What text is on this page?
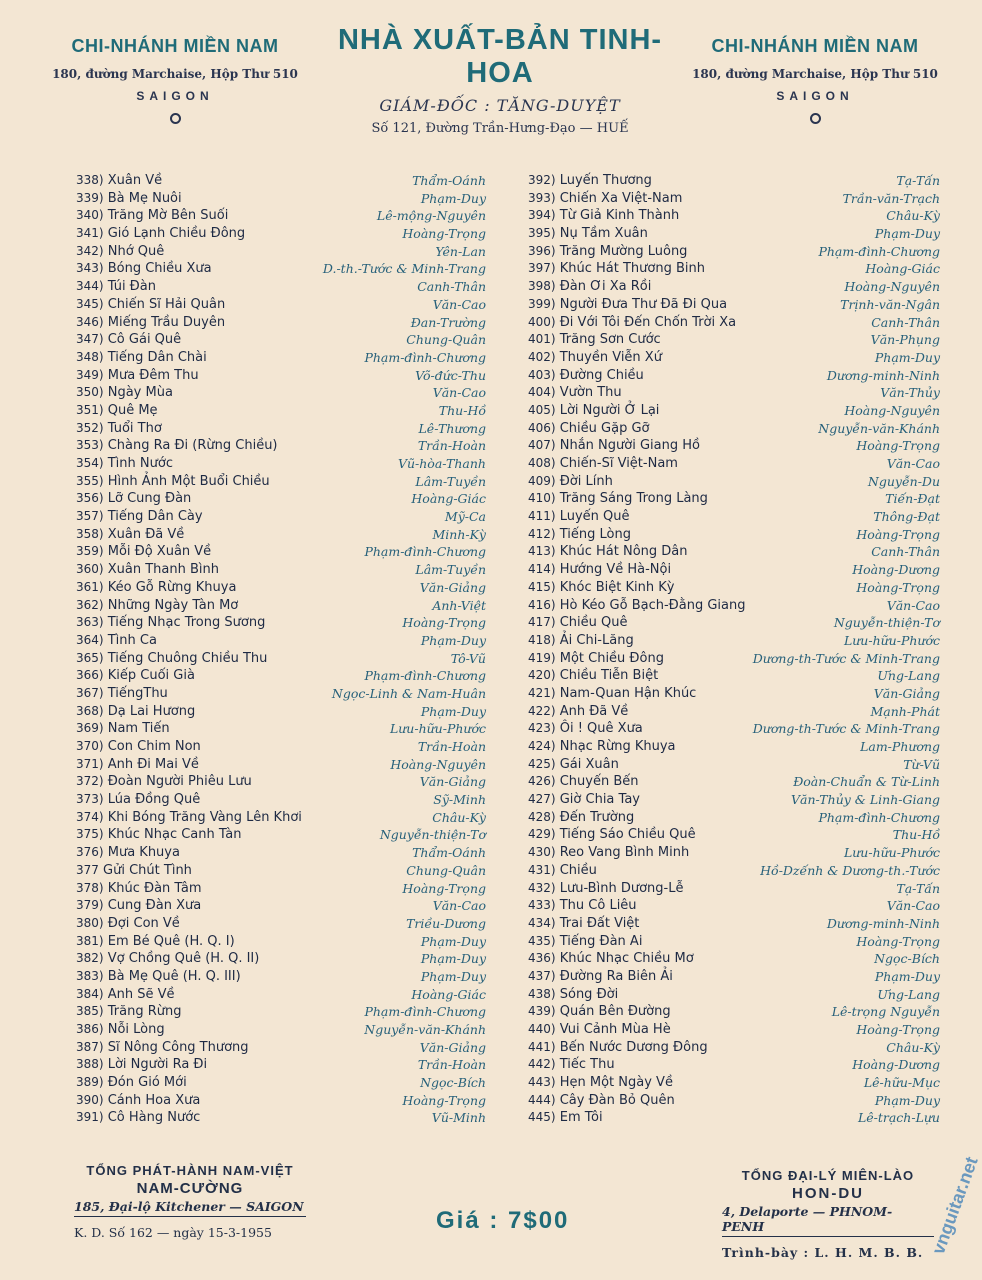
CHI-NHÁNH MIỀN NAM
180, đường Marchaise, Hộp Thư 510
SAIGON
NHÀ XUẤT-BẢN TINH-HOA
GIÁM-ĐỐC : TĂNG-DUYỆT
Số 121, Đường Trần-Hưng-Đạo — HUẾ
CHI-NHÁNH MIỀN NAM
180, đường Marchaise, Hộp Thư 510
SAIGON
338) Xuân Về	Thẩm-Oánh
339) Bà Mẹ Nuôi	Phạm-Duy
340) Trăng Mờ Bên Suối	Lê-mộng-Nguyên
341) Gió Lạnh Chiều Đông	Hoàng-Trọng
342) Nhớ Quê	Yên-Lan
343) Bóng Chiều Xưa	D.-th.-Tước & Minh-Trang
344) Túi Đàn	Canh-Thân
345) Chiến Sĩ Hải Quân	Văn-Cao
346) Miếng Trầu Duyên	Đan-Trường
347) Cô Gái Quê	Chung-Quân
348) Tiếng Dân Chài	Phạm-đình-Chương
349) Mưa Đêm Thu	Võ-đức-Thu
350) Ngày Mùa	Văn-Cao
351) Quê Mẹ	Thu-Hồ
352) Tuổi Thơ	Lê-Thương
353) Chàng Ra Đi (Rừng Chiều)	Trần-Hoàn
354) Tình Nước	Vũ-hòa-Thanh
355) Hình Ảnh Một Buổi Chiều	Lâm-Tuyền
356) Lỡ Cung Đàn	Hoàng-Giác
357) Tiếng Dân Cày	Mỹ-Ca
358) Xuân Đã Về	Minh-Kỳ
359) Mỗi Độ Xuân Về	Phạm-đình-Chương
360) Xuân Thanh Bình	Lâm-Tuyền
361) Kéo Gỗ Rừng Khuya	Văn-Giảng
362) Những Ngày Tàn Mơ	Anh-Việt
363) Tiếng Nhạc Trong Sương	Hoàng-Trọng
364) Tình Ca	Phạm-Duy
365) Tiếng Chuông Chiều Thu	Tô-Vũ
366) Kiếp Cuối Già	Phạm-đình-Chương
367) TiếngThu	Ngọc-Linh & Nam-Huân
368) Dạ Lai Hương	Phạm-Duy
369) Nam Tiến	Lưu-hữu-Phước
370) Con Chim Non	Trần-Hoàn
371) Anh Đi Mai Về	Hoàng-Nguyên
372) Đoàn Người Phiêu Lưu	Văn-Giảng
373) Lúa Đồng Quê	Sỹ-Minh
374) Khi Bóng Trăng Vàng Lên Khơi	Châu-Kỳ
375) Khúc Nhạc Canh Tàn	Nguyễn-thiện-Tơ
376) Mưa Khuya	Thẩm-Oánh
377 Gửi Chút Tình	Chung-Quân
378) Khúc Đàn Tâm	Hoàng-Trọng
379) Cung Đàn Xưa	Văn-Cao
380) Đợi Con Về	Triều-Dương
381) Em Bé Quê (H. Q. I)	Phạm-Duy
382) Vợ Chồng Quê (H. Q. II)	Phạm-Duy
383) Bà Mẹ Quê (H. Q. III)	Phạm-Duy
384) Anh Sẽ Về	Hoàng-Giác
385) Trăng Rừng	Phạm-đình-Chương
386) Nỗi Lòng	Nguyễn-văn-Khánh
387) Sĩ Nông Công Thương	Văn-Giảng
388) Lời Người Ra Đi	Trần-Hoàn
389) Đón Gió Mới	Ngọc-Bích
390) Cánh Hoa Xưa	Hoàng-Trọng
391) Cô Hàng Nước	Vũ-Minh
392) Luyến Thương	Tạ-Tấn
393) Chiến Xa Việt-Nam	Trần-văn-Trạch
394) Từ Giả Kinh Thành	Châu-Kỳ
395) Nụ Tầm Xuân	Phạm-Duy
396) Trăng Mường Luông	Phạm-đình-Chương
397) Khúc Hát Thương Binh	Hoàng-Giác
398) Đàn Ơi Xa Rồi	Hoàng-Nguyên
399) Người Đưa Thư Đã Đi Qua	Trịnh-văn-Ngân
400) Đi Với Tôi Đến Chốn Trời Xa	Canh-Thân
401) Trăng Sơn Cước	Văn-Phụng
402) Thuyền Viễn Xứ	Phạm-Duy
403) Đường Chiều	Dương-minh-Ninh
404) Vườn Thu	Văn-Thủy
405) Lời Người Ở Lại	Hoàng-Nguyên
406) Chiều Gặp Gỡ	Nguyễn-văn-Khánh
407) Nhắn Người Giang Hồ	Hoàng-Trọng
408) Chiến-Sĩ Việt-Nam	Văn-Cao
409) Đời Lính	Nguyễn-Du
410) Trăng Sáng Trong Làng	Tiến-Đạt
411) Luyến Quê	Thông-Đạt
412) Tiếng Lòng	Hoàng-Trọng
413) Khúc Hát Nông Dân	Canh-Thân
414) Hướng Về Hà-Nội	Hoàng-Dương
415) Khóc Biệt Kinh Kỳ	Hoàng-Trọng
416) Hò Kéo Gỗ Bạch-Đằng Giang	Văn-Cao
417) Chiều Quê	Nguyễn-thiện-Tơ
418) Ải Chi-Lăng	Lưu-hữu-Phước
419) Một Chiều Đông	Dương-th-Tước & Minh-Trang
420) Chiều Tiễn Biệt	Ưng-Lang
421) Nam-Quan Hận Khúc	Văn-Giảng
422) Anh Đã Về	Mạnh-Phát
423) Ôi ! Quê Xưa	Dương-th-Tước & Minh-Trang
424) Nhạc Rừng Khuya	Lam-Phương
425) Gái Xuân	Từ-Vũ
426) Chuyến Bến	Đoàn-Chuẩn & Từ-Linh
427) Giờ Chia Tay	Văn-Thủy & Linh-Giang
428) Đến Trường	Phạm-đình-Chương
429) Tiếng Sáo Chiều Quê	Thu-Hồ
430) Reo Vang Bình Minh	Lưu-hữu-Phước
431) Chiều	Hồ-Dzếnh & Dương-th.-Tước
432) Lưu-Bình Dương-Lễ	Tạ-Tấn
433) Thu Cô Liêu	Văn-Cao
434) Trai Đất Việt	Dương-minh-Ninh
435) Tiếng Đàn Ai	Hoàng-Trọng
436) Khúc Nhạc Chiều Mơ	Ngọc-Bích
437) Đường Ra Biên Ải	Phạm-Duy
438) Sóng Đời	Ưng-Lang
439) Quán Bên Đường	Lê-trọng Nguyễn
440) Vui Cảnh Mùa Hè	Hoàng-Trọng
441) Bến Nước Dương Đông	Châu-Kỳ
442) Tiếc Thu	Hoàng-Dương
443) Hẹn Một Ngày Về	Lê-hữu-Mục
444) Cây Đàn Bỏ Quên	Phạm-Duy
445) Em Tôi	Lê-trạch-Lựu
TỔNG PHÁT-HÀNH NAM-VIỆT
NAM-CƯỜNG
185, Đại-lộ Kitchener — SAIGON
K. D. Số 162 — ngày 15-3-1955	Giá : 7$00
TỔNG ĐẠI-LÝ MIÊN-LÀO
HON-DU
4, Delaporte — PHNOM-PENH
Trình-bày : L. H. M. B. B. vnguitar.net
